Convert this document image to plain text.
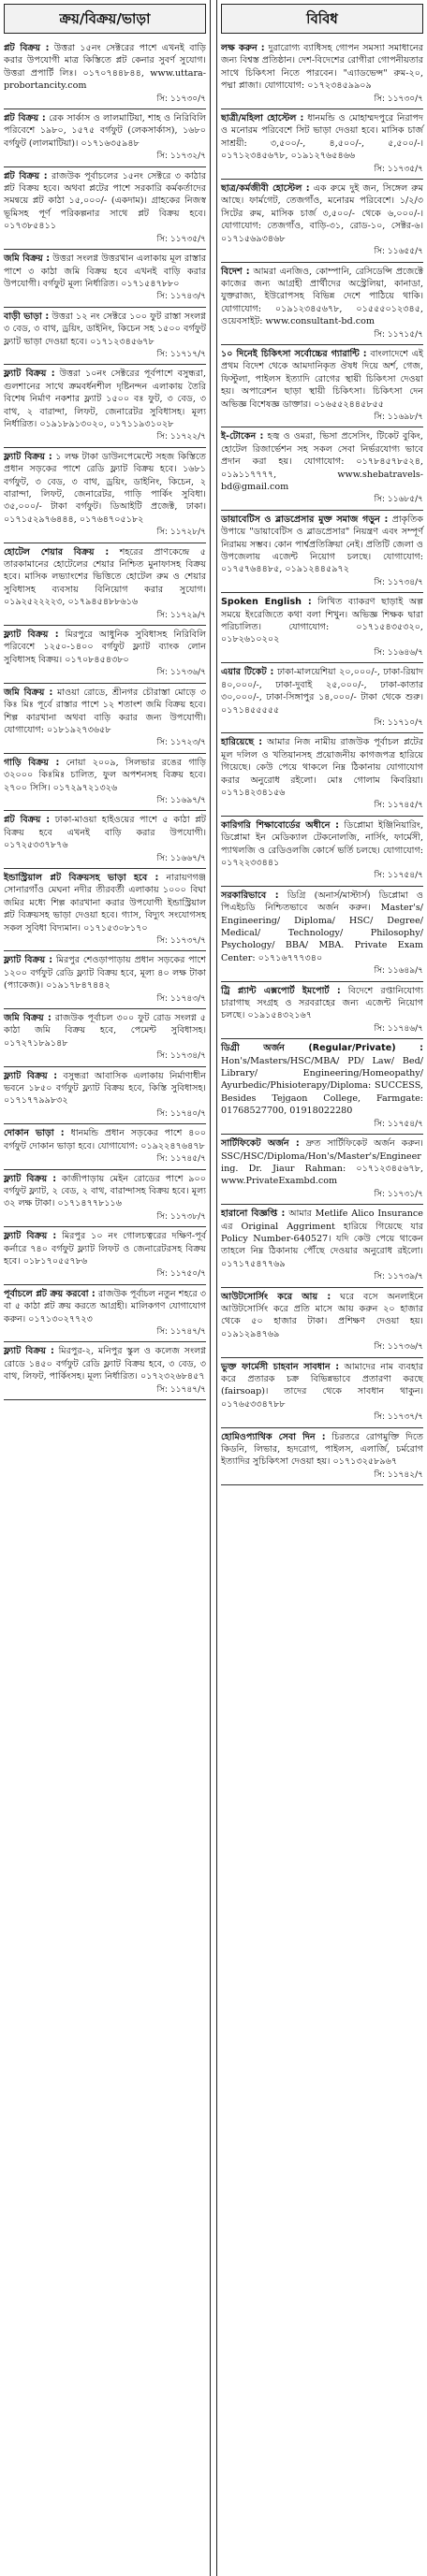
ক্রয়/বিক্রয়/ভাড়া
প্লট বিক্রয় : উত্তরা ১৫নং সেক্টরের পাশে এখনই বাড়ি করার উপযোগী মাত্র কিস্তিতে প্লট কেনার সুবর্ণ সুযোগ। উত্তরা প্রপার্টি লিঃ। ০১৭০৭৪৪৮৪৪, www.uttara-probortancity.com
সি: ১১৭৩০/৭
প্লট বিক্রয় : রেক সার্কাস ও লালমাটিয়া, শাহ ও নিরিবিলি পরিবেশে ১৯৮০, ১৫৭৫ বর্গফুট (লেকসার্কাস), ১৬৮০ বর্গফুট (লালমাটিয়া)। ০১৭১৬৩৫৯৪৮
সি: ১১৭৩২/৭
প্লট বিক্রয় : রাজউক পূর্বাচলের ১৫নং সেক্টরে ৩ কাঠার প্লট বিক্রয় হবে। অথবা প্লটের পাশে সরকারি কর্মকর্তাদের সমন্বয়ে প্লট কাঠা ১৫,০০০/- (একদাম)। গ্রাহকের নিজস্ব ভূমিসহ পূর্ণ পরিকল্পনার সাথে প্লট বিক্রয় হবে। ০১৭৩৮৫৪১১
সি: ১১৭৩৫/৭
জমি বিক্রয় : উত্তরা সংলগ্ন উত্তরখান এলাকায় মূল রাস্তার পাশে ৩ কাঠা জমি বিক্রয় হবে এখনই বাড়ি করার উপযোগী। বর্গফুট মূল্য নির্ধারিত। ০১৭১৫৪৭৮৮০
সি: ১১৭৪৩/৭
বাড়ী ভাড়া : উত্তরা ১২ নং সেক্টরে ১০০ ফুট রাস্তা সংলগ্ন ৩ বেড, ৩ বাথ, ড্রয়িং, ডাইনিং, কিচেন সহ ১৫০০ বর্গফুট ফ্ল্যাট ভাড়া দেওয়া হবে। ০১৭১২৩৪৫৬৭৮
সি: ১১৭১৭/৭
ফ্ল্যাট বিক্রয় : উত্তরা ১০নং সেক্টরের পূর্বপাশে বসুন্ধরা, গুলশানের সাথে ক্রমবর্ধনশীল দৃষ্টিনন্দন এলাকায় তৈরি বিশেষ নির্মাণ নকশার ফ্ল্যাট ১৫০০ বঃ ফুট, ৩ বেড, ৩ বাথ, ২ বারান্দা, লিফট, জেনারেটর সুবিধাসহ। মূল্য নির্ধারিত। ০১৯১৮৯১৩০২০, ০১৭১১৯৩১০২৮
সি: ১১৭২২/৭
ফ্ল্যাট বিক্রয় : ১ লক্ষ টাকা ডাউনপেমেন্টে সহজ কিস্তিতে প্রধান সড়কের পাশে রেডি ফ্ল্যাট বিক্রয় হবে। ১৬৮১ বর্গফুট, ৩ বেড, ৩ বাথ, ড্রয়িং, ডাইনিং, কিচেন, ২ বারান্দা, লিফট, জেনারেটর, গাড়ি পার্কিং সুবিধা। ৩৫,০০০/- টাকা বর্গফুট। ডিআইটি প্রজেক্ট, ঢাকা। ০১৭১৫২৯৭৬৪৪৪, ০১৭৬৪৭০৫১৮২
সি: ১১৭২৮/৭
হোটেল শেয়ার বিক্রয় : শহরের প্রাণকেন্দ্রে ৫ তারকামানের হোটেলের শেয়ার নিশ্চিত মুনাফাসহ বিক্রয় হবে। মাসিক লভ্যাংশের ভিত্তিতে হোটেল রুম ও শেয়ার সুবিধাসহ ব্যবসায় বিনিয়োগ করার সুযোগ। ০১৯২৫২২২২৩, ০১৭৯৪৫৪৮৮৬১৬
সি: ১১৭২৯/৭
ফ্ল্যাট বিক্রয় : মিরপুরে আধুনিক সুবিধাসহ নিরিবিলি পরিবেশে ১২৫০-১৪০০ বর্গফুট ফ্ল্যাট ব্যাংক লোন সুবিধাসহ বিক্রয়। ০১৭০৮৪৫৪৩৮০
সি: ১১৭৩৬/৭
জমি বিক্রয় : মাওয়া রোডে, শ্রীনগর চৌরাস্তা মোড়ে ৩ কিঃ মিঃ পূর্বে রাস্তার পাশে ১২ শতাংশ জমি বিক্রয় হবে। শিল্প কারখানা অথবা বাড়ি করার জন্য উপযোগী। যোগাযোগ: ০১৮১৯২৭৩৬৫৮
সি: ১১৭২৩/৭
গাড়ি বিক্রয় : নোয়া ২০০৯, সিলভার রঙের গাড়ি ৩২০০০ কিঃমিঃ চালিত, ফুল অপশনসহ বিক্রয় হবে। ২৭০০ সিসি। ০১৭২৯৭২১৩২৬
সি: ১১৬৯৭/৭
প্লট বিক্রয় : ঢাকা-মাওয়া হাইওয়ের পাশে ৫ কাঠা প্লট বিক্রয় হবে এখনই বাড়ি করার উপযোগী। ০১৭২৫৩৩৭৮৭৬
সি: ১১৬৬৭/৭
ইন্ডাস্ট্রিয়াল প্লট বিক্রয়সহ ভাড়া হবে : নারায়ণগঞ্জ সোনারগাঁও মেঘনা নদীর তীরবর্তী এলাকায় ১০০০ বিঘা জমির মধ্যে শিল্প কারখানা করার উপযোগী ইন্ডাস্ট্রিয়াল প্লট বিক্রয়সহ ভাড়া দেওয়া হবে। গ্যাস, বিদ্যুৎ সংযোগসহ সকল সুবিধা বিদ্যমান। ০১৭১৫৩০৮১৭০
সি: ১১৭৩৭/৭
ফ্ল্যাট বিক্রয় : মিরপুর শেওড়াপাড়ায় প্রধান সড়কের পাশে ১২০০ বর্গফুট রেডি ফ্ল্যাট বিক্রয় হবে, মূল্য ৪০ লক্ষ টাকা (প্যাকেজ)। ০১৯১৭৮৪৭৪৪২
সি: ১১৭৪৩/৭
জমি বিক্রয় : রাজউক পূর্বাচল ৩০০ ফুট রোড সংলগ্ন ৫ কাঠা জমি বিক্রয় হবে, পেমেন্ট সুবিধাসহ। ০১৭২৭১৮৯১৪৮
সি: ১১৭৩৪/৭
ফ্ল্যাট বিক্রয় : বসুন্ধরা আবাসিক এলাকায় নির্মাণাধীন ভবনে ১৮৫০ বর্গফুট ফ্ল্যাট বিক্রয় হবে, কিস্তি সুবিধাসহ। ০১৭১৭৭৯৯৮৩২
সি: ১১৭৪০/৭
দোকান ভাড়া : ধানমন্ডি প্রধান সড়কের পাশে ৪০০ বর্গফুট দোকান ভাড়া হবে। যোগাযোগ: ০১৯২২৪৭৬৪৭৮
সি: ১১৭৪৫/৭
ফ্ল্যাট বিক্রয় : কাজীপাড়ায় মেইন রোডের পাশে ৯০০ বর্গফুট ফ্ল্যাট, ২ বেড, ২ বাথ, বারান্দাসহ বিক্রয় হবে। মূল্য ৩২ লক্ষ টাকা। ০১৭১৪৭৭৮১১৬
সি: ১১৭৩৮/৭
ফ্ল্যাট বিক্রয় : মিরপুর ১০ নং গোলচত্বরের দক্ষিণ-পূর্ব কর্নারে ৭৪০ বর্গফুট ফ্ল্যাট লিফট ও জেনারেটরসহ বিক্রয় হবে। ০১৮১৭০৫৫৭৮৬
সি: ১১৭৫০/৭
পূর্বাচলে প্লট ক্রয় করবো : রাজউক পূর্বাচল নতুন শহরে ৩ বা ৫ কাঠা প্লট ক্রয় করতে আগ্রহী। মালিকগণ যোগাযোগ করুন। ০১৭১৩০২৭৭২৩
সি: ১১৭৪৭/৭
ফ্ল্যাট বিক্রয় : মিরপুর-২, মনিপুর স্কুল ও কলেজ সংলগ্ন রোডে ১৪৫০ বর্গফুট রেডি ফ্ল্যাট বিক্রয় হবে, ৩ বেড, ৩ বাথ, লিফট, পার্কিংসহ। মূল্য নির্ধারিত। ০১৭২৩২৬৮৪৫৭
সি: ১১৭৪৭/৭
বিবিধ
লক্ষ করুন : দুরারোগ্য ব্যাধিসহ গোপন সমস্যা সমাধানের জন্য বিশ্বস্ত প্রতিষ্ঠান। দেশ-বিদেশের রোগীরা গোপনীয়তার সাথে চিকিৎসা নিতে পারবেন। "এ্যাডভেন্স" রুম-২০, পদ্মা প্লাজা। যোগাযোগ: ০১৭২৩৪৫৯৯০৯
সি: ১১৭৩০/৭
ছাত্রী/মহিলা হোস্টেল : ধানমন্ডি ও মোহাম্মদপুরে নিরাপদ ও মনোরম পরিবেশে সিট ভাড়া দেওয়া হবে। মাসিক চার্জ সাশ্রয়ী: ৩,৫০০/-, ৪,৫০০/-, ৫,৫০০/-। ০১৭১২৩৪৫৬৭৮, ০১৯১২৭৬৫৪৬৬
সি: ১১৭৩৫/৭
ছাত্র/কর্মজীবী হোস্টেল : এক রুমে দুই জন, সিঙ্গেল রুম আছে। ফার্মগেট, তেজগাঁও, মনোরম পরিবেশে। ১/২/৩ সিটের রুম, মাসিক চার্জ ৩,৫০০/- থেকে ৬,০০০/-। যোগাযোগ: তেজগাঁও, বাড়ি-৩১, রোড-১০, সেক্টর-৬। ০১৭১৫৬৯৩৪৬৮
সি: ১১৬৫৫/৭
বিদেশ : আমরা এনজিও, কোম্পানি, রেসিডেন্সি প্রজেক্টে কাজের জন্য আগ্রহী প্রার্থীদের অস্ট্রেলিয়া, কানাডা, যুক্তরাজ্য, ইউরোপসহ বিভিন্ন দেশে পাঠিয়ে থাকি। যোগাযোগ: ০১৯১২৩৪৫৬৭৮, ০১৫৫৫০১২৩৪৫, ওয়েবসাইট: www.consultant-bd.com
সি: ১১৭১৫/৭
১০ দিনেই চিকিৎসা সর্বোচ্চের গ্যারান্টি : বাংলাদেশে এই প্রথম বিদেশ থেকে আমদানিকৃত ঔষধ দিয়ে অর্শ, গেজ, ফিস্টুলা, পাইলস ইত্যাদি রোগের স্থায়ী চিকিৎসা দেওয়া হয়। অপারেশন ছাড়া স্থায়ী চিকিৎসা। চিকিৎসা দেন অভিজ্ঞ বিশেষজ্ঞ ডাক্তার। ০১৬৫৫২৪৪৫৮৫৫
সি: ১১৬৯৮/৭
ই-টোকেন : হজ্ব ও ওমরা, ভিসা প্রসেসিং, টিকেট বুকিং, হোটেল রিজার্ভেশন সহ সকল সেবা নির্ভরযোগ্য ভাবে প্রদান করা হয়। যোগাযোগ: ০১৭৮৪৫৭৮৫২৪, ০১৯১১৭৭৭৭, www.shebatravels-bd@gmail.com
সি: ১১৬৮৫/৭
ডায়াবেটিস ও ব্লাডপ্রেসার মুক্ত সমাজ গড়ুন : প্রাকৃতিক উপায়ে "ডায়াবেটিস ও ব্লাডপ্রেসার" নিয়ন্ত্রণ এবং সম্পূর্ণ নিরাময় সম্ভব। কোন পার্শ্বপ্রতিক্রিয়া নেই। প্রতিটি জেলা ও উপজেলায় এজেন্ট নিয়োগ চলছে। যোগাযোগ: ০১৭৫৭৬৪৪৮৫, ০১৯১২৪৪৫৯৭২
সি: ১১৭৩৪/৭
Spoken English : লিখিত ব্যাকরণ ছাড়াই অল্প সময়ে ইংরেজিতে কথা বলা শিখুন। অভিজ্ঞ শিক্ষক দ্বারা পরিচালিত। যোগাযোগ: ০১৭১৫৪৩৫৩২০, ০১৮২৬১০২০২
সি: ১১৬৪৬/৭
এয়ার টিকেট : ঢাকা-মালয়েশিয়া ২০,০০০/-, ঢাকা-রিয়াদ ৪০,০০০/-, ঢাকা-দুবাই ২৫,০০০/-, ঢাকা-কাতার ৩০,০০০/-, ঢাকা-সিঙ্গাপুর ১৪,০০০/- টাকা থেকে শুরু। ০১৭১৪৫৫৫৫৫
সি: ১১৭১০/৭
হারিয়েছে : আমার নিজ নামীয় রাজউক পূর্বাচল প্লটের মূল দলিল ও খতিয়ানসহ প্রয়োজনীয় কাগজপত্র হারিয়ে গিয়েছে। কেউ পেয়ে থাকলে নিম্ন ঠিকানায় যোগাযোগ করার অনুরোধ রইলো। মোঃ গোলাম কিবরিয়া। ০১৭১৪২৩৪১৫৬
সি: ১১৭৪৫/৭
কারিগরি শিক্ষাবোর্ডের অধীনে : ডিপ্লোমা ইঞ্জিনিয়ারিং, ডিপ্লোমা ইন মেডিক্যাল টেকনোলজি, নার্সিং, ফার্মেসী, প্যাথলজি ও রেডিওলজি কোর্সে ভর্তি চলছে। যোগাযোগ: ০১৭২২৩৩৪৪১
সি: ১১৭৫৪/৭
সরকারিভাবে : ডিগ্রি (অনার্স/মাস্টার্স) ডিপ্লোমা ও পিএইচডি নিশ্চিতভাবে অর্জন করুন। Master's/ Engineering/ Diploma/ HSC/ Degree/ Medical/ Technology/ Philosophy/ Psychology/ BBA/ MBA. Private Exam Center: ০১৭১৬৭৭৭৩৪০
সি: ১১৬৪৯/৭
ট্রি প্ল্যান্ট এক্সপোর্ট ইমপোর্ট : বিদেশে রপ্তানিযোগ্য চারাগাছ সংগ্রহ ও সরবরাহের জন্য এজেন্ট নিয়োগ চলছে। ০১৯১৫৪৩২১৬৭
সি: ১১৭৪৬/৭
ডিগ্রী অর্জন (Regular/Private) : Hon's/Masters/HSC/MBA/ PD/ Law/ Bed/ Library/ Engineering/Homeopathy/ Ayurbedic/Phisioterapy/Diploma: SUCCESS, Besides Tejgaon College, Farmgate: 01768527700, 01918022280
সি: ১১৭৫৪/৭
সার্টিফিকেট অর্জন : দ্রুত সার্টিফিকেট অর্জন করুন। SSC/HSC/Diploma/Hon's/Master's/Engineering. Dr. Jiaur Rahman: ০১৭১২৩৪৫৬৭৮, www.PrivateExambd.com
সি: ১১৭৩১/৭
হারানো বিজ্ঞপ্তি : আমার Metlife Alico Insurance এর Original Aggriment হারিয়ে গিয়েছে যার Policy Number-640527। যদি কেউ পেয়ে থাকেন তাহলে নিম্ন ঠিকানায় পৌঁছে দেওয়ার অনুরোধ রইলো। ০১৭১৭৫৪৭৭৬৯
সি: ১১৭৩৯/৭
আউটসোর্সিং করে আয় : ঘরে বসে অনলাইনে আউটসোর্সিং করে প্রতি মাসে আয় করুন ২০ হাজার থেকে ৫০ হাজার টাকা। প্রশিক্ষণ দেওয়া হয়। ০১৯১২৯৪৭৬৯
সি: ১১৭৩৬/৭
ভুক্ত ফার্মেসী চাহবান সাবধান : আমাদের নাম ব্যবহার করে প্রতারক চক্র বিভিন্নভাবে প্রতারণা করছে (fairsoap)। তাদের থেকে সাবধান থাকুন। ০১৭৬৫৩৩৪৭৮৮
সি: ১১৭৩৭/৭
হোমিওপ্যাথিক সেবা দিন : চিরতরে রোগমুক্তি দিতে কিডনি, লিভার, হৃদরোগ, পাইলস, এলার্জি, চর্মরোগ ইত্যাদির সুচিকিৎসা দেওয়া হয়। ০১৭১৩২৫৮৯৬৭
সি: ১১৭৪২/৭
